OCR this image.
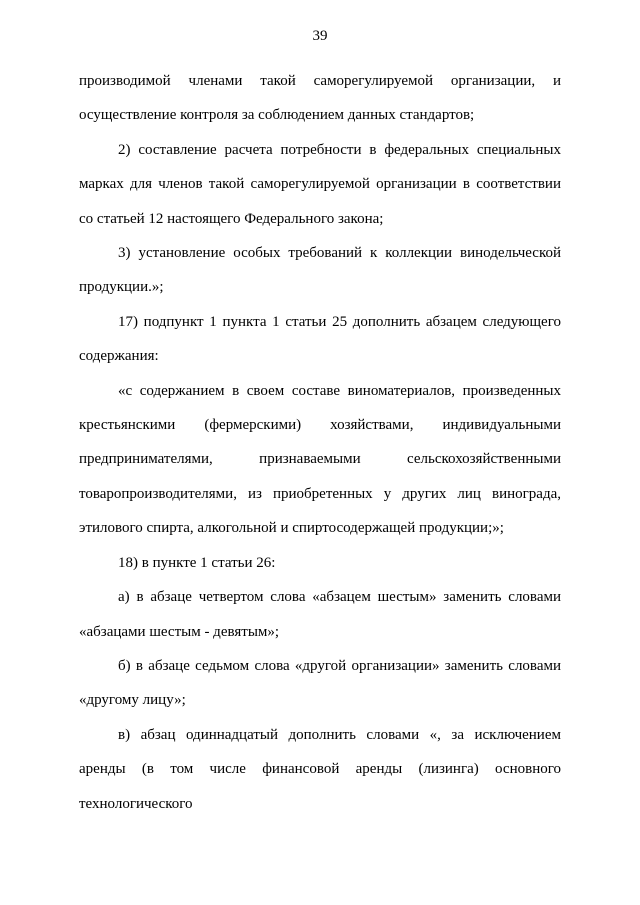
39

производимой членами такой саморегулируемой организации, и осуществление контроля за соблюдением данных стандартов;

2) составление расчета потребности в федеральных специальных марках для членов такой саморегулируемой организации в соответствии со статьей 12 настоящего Федерального закона;

3) установление особых требований к коллекции винодельческой продукции.»;

17) подпункт 1 пункта 1 статьи 25 дополнить абзацем следующего содержания:

«с содержанием в своем составе виноматериалов, произведенных крестьянскими (фермерскими) хозяйствами, индивидуальными предпринимателями, признаваемыми сельскохозяйственными товаропроизводителями, из приобретенных у других лиц винограда, этилового спирта, алкогольной и спиртосодержащей продукции;»;

18) в пункте 1 статьи 26:

а) в абзаце четвертом слова «абзацем шестым» заменить словами «абзацами шестым - девятым»;

б) в абзаце седьмом слова «другой организации» заменить словами «другому лицу»;

в) абзац одиннадцатый дополнить словами «, за исключением аренды (в том числе финансовой аренды (лизинга) основного технологического
